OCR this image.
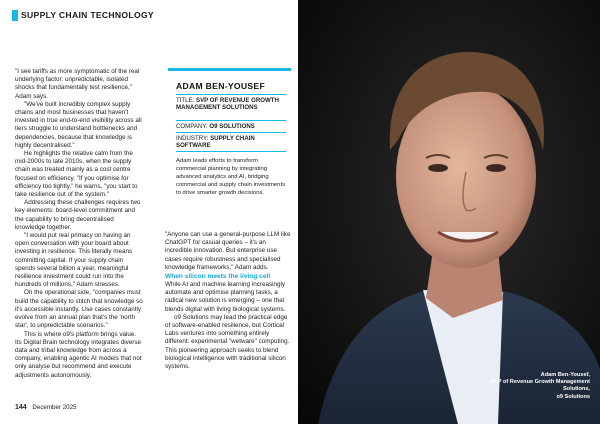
SUPPLY CHAIN TECHNOLOGY

"I see tariffs as more symptomatic of the real underlying factor: unpredictable, isolated shocks that fundamentally test resilience," Adam says.

"We've built incredibly complex supply chains and most businesses that haven't invested in true end-to-end visibility across all tiers struggle to understand bottlenecks and dependencies, because that knowledge is highly decentralised."

He highlights the relative calm from the mid-2000s to late 2010s, when the supply chain was treated mainly as a cost centre focused on efficiency. "If you optimise for efficiency too tightly," he warns, "you start to take resilience out of the system."

Addressing these challenges requires two key elements: board-level commitment and the capability to bring decentralised knowledge together.

"I would put real primacy on having an open conversation with your board about investing in resilience. This literally means committing capital. If your supply chain spends several billion a year, meaningful resilience investment could run into the hundreds of millions," Adam stresses.

On the operational side, "companies must build the capability to stitch that knowledge so it's accessible instantly. Use cases constantly evolve from an annual plan that's the 'north star', to unpredictable scenarios."

This is where o9's platform brings value. Its Digital Brain technology integrates diverse data and tribal knowledge from across a company, enabling agentic AI models that not only analyse but recommend and execute adjustments autonomously.

ADAM BEN-YOUSEF
TITLE: SVP OF REVENUE GROWTH MANAGEMENT SOLUTIONS
COMPANY: O9 SOLUTIONS
INDUSTRY: SUPPLY CHAIN SOFTWARE
Adam leads efforts to transform commercial planning by integrating advanced analytics and AI, bridging commercial and supply chain investments to drive smarter growth decisions.

"Anyone can use a general-purpose LLM like ChatGPT for casual queries – it's an incredible innovation. But enterprise use cases require robustness and specialised knowledge frameworks," Adam adds.

When silicon meets the living cell

While AI and machine learning increasingly automate and optimise planning tasks, a radical new solution is emerging – one that blends digital with living biological systems.

o9 Solutions may lead the practical edge of software-enabled resilience, but Cortical Labs ventures into something entirely different: experimental "wetware" computing. This pioneering approach seeks to blend biological intelligence with traditional silicon systems.

144 December 2025
Adam Ben-Yousef,
SVP of Revenue Growth Management Solutions,
o9 Solutions
